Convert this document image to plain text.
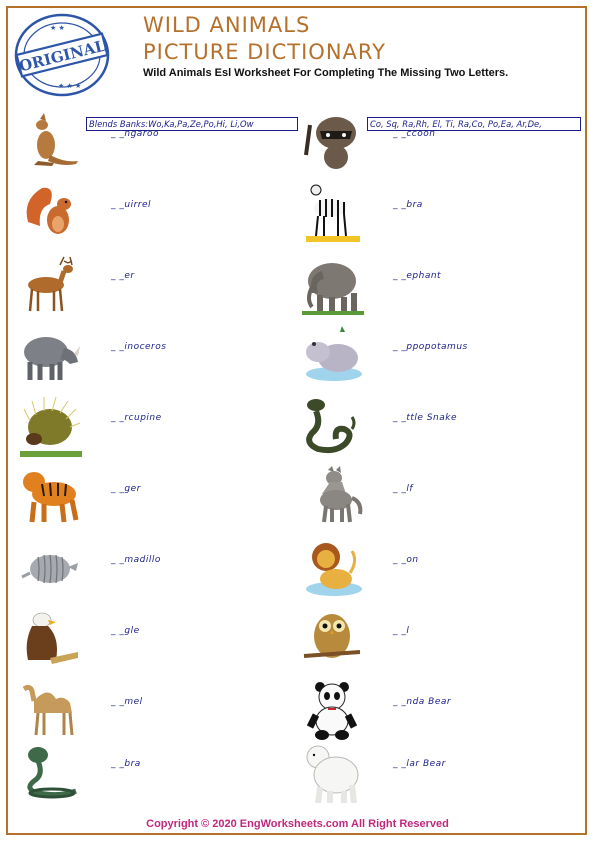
ORIGINAL
★ ★
★ ★ ★
WILD ANIMALS
PICTURE DICTIONARY
Wild Animals Esl Worksheet For Completing The Missing Two Letters.
Blends Banks:Wo,Ka,Pa,Ze,Po,Hi, Li,Ow	Co, Sq, Ra,Rh, El, Ti, Ra,Co, Po,Ea, Ar,De,
_ _ngaroo
_ _uirrel
_ _er
_ _inoceros
_ _rcupine
_ _ger
_ _madillo
_ _gle
_ _mel
_ _bra
_ _ccoon
_ _bra
_ _ephant
_ _ppopotamus
_ _ttle Snake
_ _lf
_ _on
_ _l
_ _nda Bear
_ _lar Bear
Copyright © 2020 EngWorksheets.com All Right Reserved
